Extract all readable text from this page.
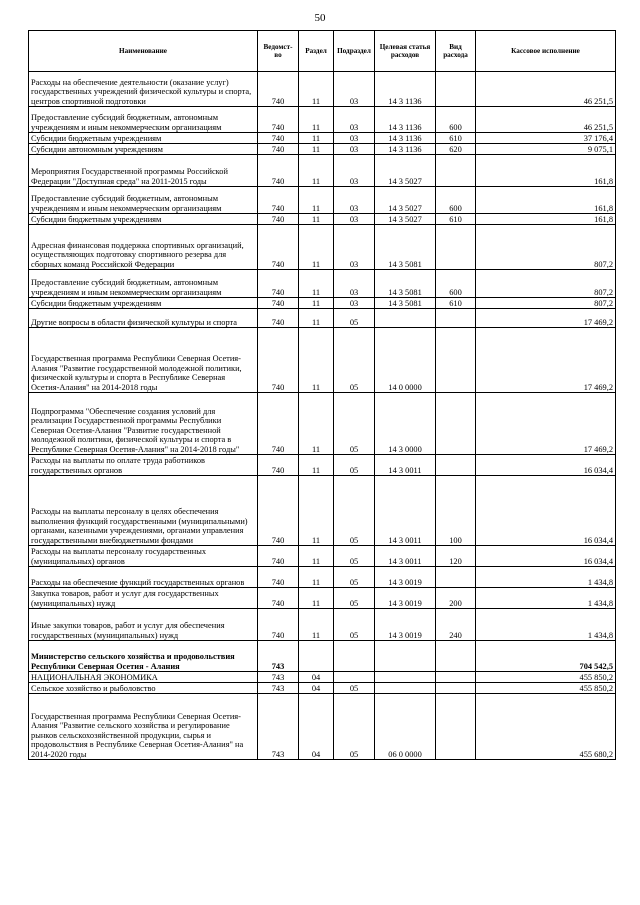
50
Наименование	Ведомст-во	Раздел	Подраздел	Целевая статья расходов	Вид расхода	Кассовое исполнение
Расходы на обеспечение деятельности (оказание услуг) государственных учреждений физической культуры и спорта, центров спортивной подготовки	740	11	03	14 3 1136		46 251,5
Предоставление субсидий бюджетным, автономным учреждениям и иным некоммерческим организациям	740	11	03	14 3 1136	600	46 251,5
Субсидии бюджетным учреждениям	740	11	03	14 3 1136	610	37 176,4
Субсидии автономным учреждениям	740	11	03	14 3 1136	620	9 075,1
Мероприятия Государственной программы Российской Федерации "Доступная среда" на 2011-2015 годы	740	11	03	14 3 5027		161,8
Предоставление субсидий бюджетным, автономным учреждениям и иным некоммерческим организациям	740	11	03	14 3 5027	600	161,8
Субсидии бюджетным учреждениям	740	11	03	14 3 5027	610	161,8
Адресная финансовая поддержка спортивных организаций, осуществляющих подготовку спортивного резерва для сборных команд Российской Федерации	740	11	03	14 3 5081		807,2
Предоставление субсидий бюджетным, автономным учреждениям и иным некоммерческим организациям	740	11	03	14 3 5081	600	807,2
Субсидии бюджетным учреждениям	740	11	03	14 3 5081	610	807,2
Другие вопросы в области физической культуры и спорта	740	11	05			17 469,2
Государственная программа Республики Северная Осетия-Алания "Развитие государственной молодежной политики, физической культуры и спорта в Республике Северная Осетия-Алания" на 2014-2018 годы	740	11	05	14 0 0000		17 469,2
Подпрограмма "Обеспечение создания условий для реализации Государственной программы Республики Северная Осетия-Алания "Развитие государственной молодежной политики, физической культуры и спорта в Республике Северная Осетия-Алания" на 2014-2018 годы"	740	11	05	14 3 0000		17 469,2
Расходы на выплаты по оплате труда работников государственных органов	740	11	05	14 3 0011		16 034,4
Расходы на выплаты персоналу в целях обеспечения выполнения функций государственными (муниципальными) органами, казенными учреждениями, органами управления государственными внебюджетными фондами	740	11	05	14 3 0011	100	16 034,4
Расходы на выплаты персоналу государственных (муниципальных) органов	740	11	05	14 3 0011	120	16 034,4
Расходы на обеспечение функций государственных органов	740	11	05	14 3 0019		1 434,8
Закупка товаров, работ и услуг для государственных (муниципальных) нужд	740	11	05	14 3 0019	200	1 434,8
Иные закупки товаров, работ и услуг для обеспечения государственных (муниципальных) нужд	740	11	05	14 3 0019	240	1 434,8
Министерство сельского хозяйства и продовольствия Республики Северная Осетия - Алания	743					704 542,5
НАЦИОНАЛЬНАЯ ЭКОНОМИКА	743	04				455 850,2
Сельское хозяйство и рыболовство	743	04	05			455 850,2
Государственная программа Республики Северная Осетия-Алания "Развитие сельского хозяйства и регулирование рынков сельскохозяйственной продукции, сырья и продовольствия в Республике Северная Осетия-Алания" на 2014-2020 годы	743	04	05	06 0 0000		455 680,2
